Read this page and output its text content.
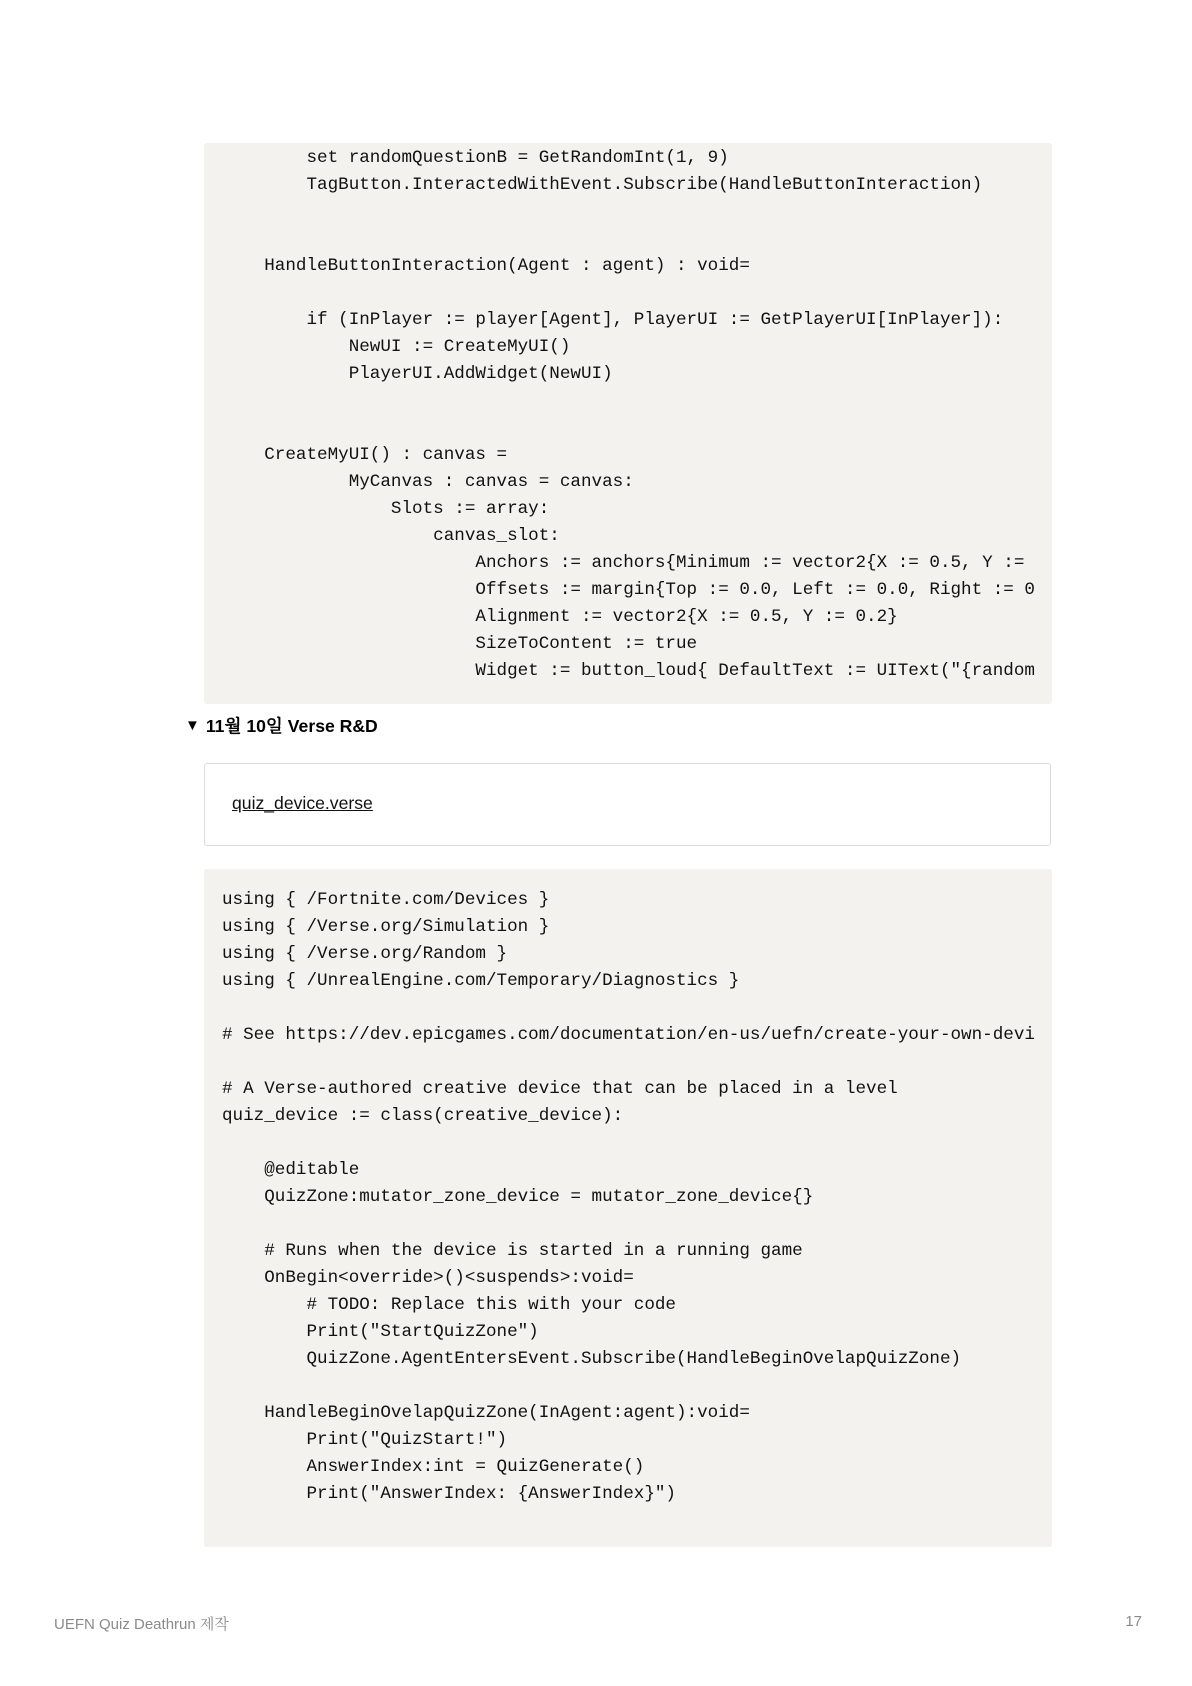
set randomQuestionB = GetRandomInt(1, 9)
TagButton.InteractedWithEvent.Subscribe(HandleButtonInteraction)
HandleButtonInteraction(Agent : agent) : void=
if (InPlayer := player[Agent], PlayerUI := GetPlayerUI[InPlayer]):
NewUI := CreateMyUI()
PlayerUI.AddWidget(NewUI)
CreateMyUI() : canvas =
MyCanvas : canvas = canvas:
Slots := array:
canvas_slot:
Anchors := anchors{Minimum := vector2{X := 0.5, Y :=
Offsets := margin{Top := 0.0, Left := 0.0, Right := 0
Alignment := vector2{X := 0.5, Y := 0.2}
SizeToContent := true
Widget := button_loud{ DefaultText := UIText("{random
▼ 11월 10일 Verse R&D
quiz_device.verse
using { /Fortnite.com/Devices }
using { /Verse.org/Simulation }
using { /Verse.org/Random }
using { /UnrealEngine.com/Temporary/Diagnostics }
# See https://dev.epicgames.com/documentation/en-us/uefn/create-your-own-devi
# A Verse-authored creative device that can be placed in a level
quiz_device := class(creative_device):
@editable
QuizZone:mutator_zone_device = mutator_zone_device{}
# Runs when the device is started in a running game
OnBegin<override>()<suspends>:void=
# TODO: Replace this with your code
Print("StartQuizZone")
QuizZone.AgentEntersEvent.Subscribe(HandleBeginOvelapQuizZone)
HandleBeginOvelapQuizZone(InAgent:agent):void=
Print("QuizStart!")
AnswerIndex:int = QuizGenerate()
Print("AnswerIndex: {AnswerIndex}")
UEFN Quiz Deathrun 제작	17
